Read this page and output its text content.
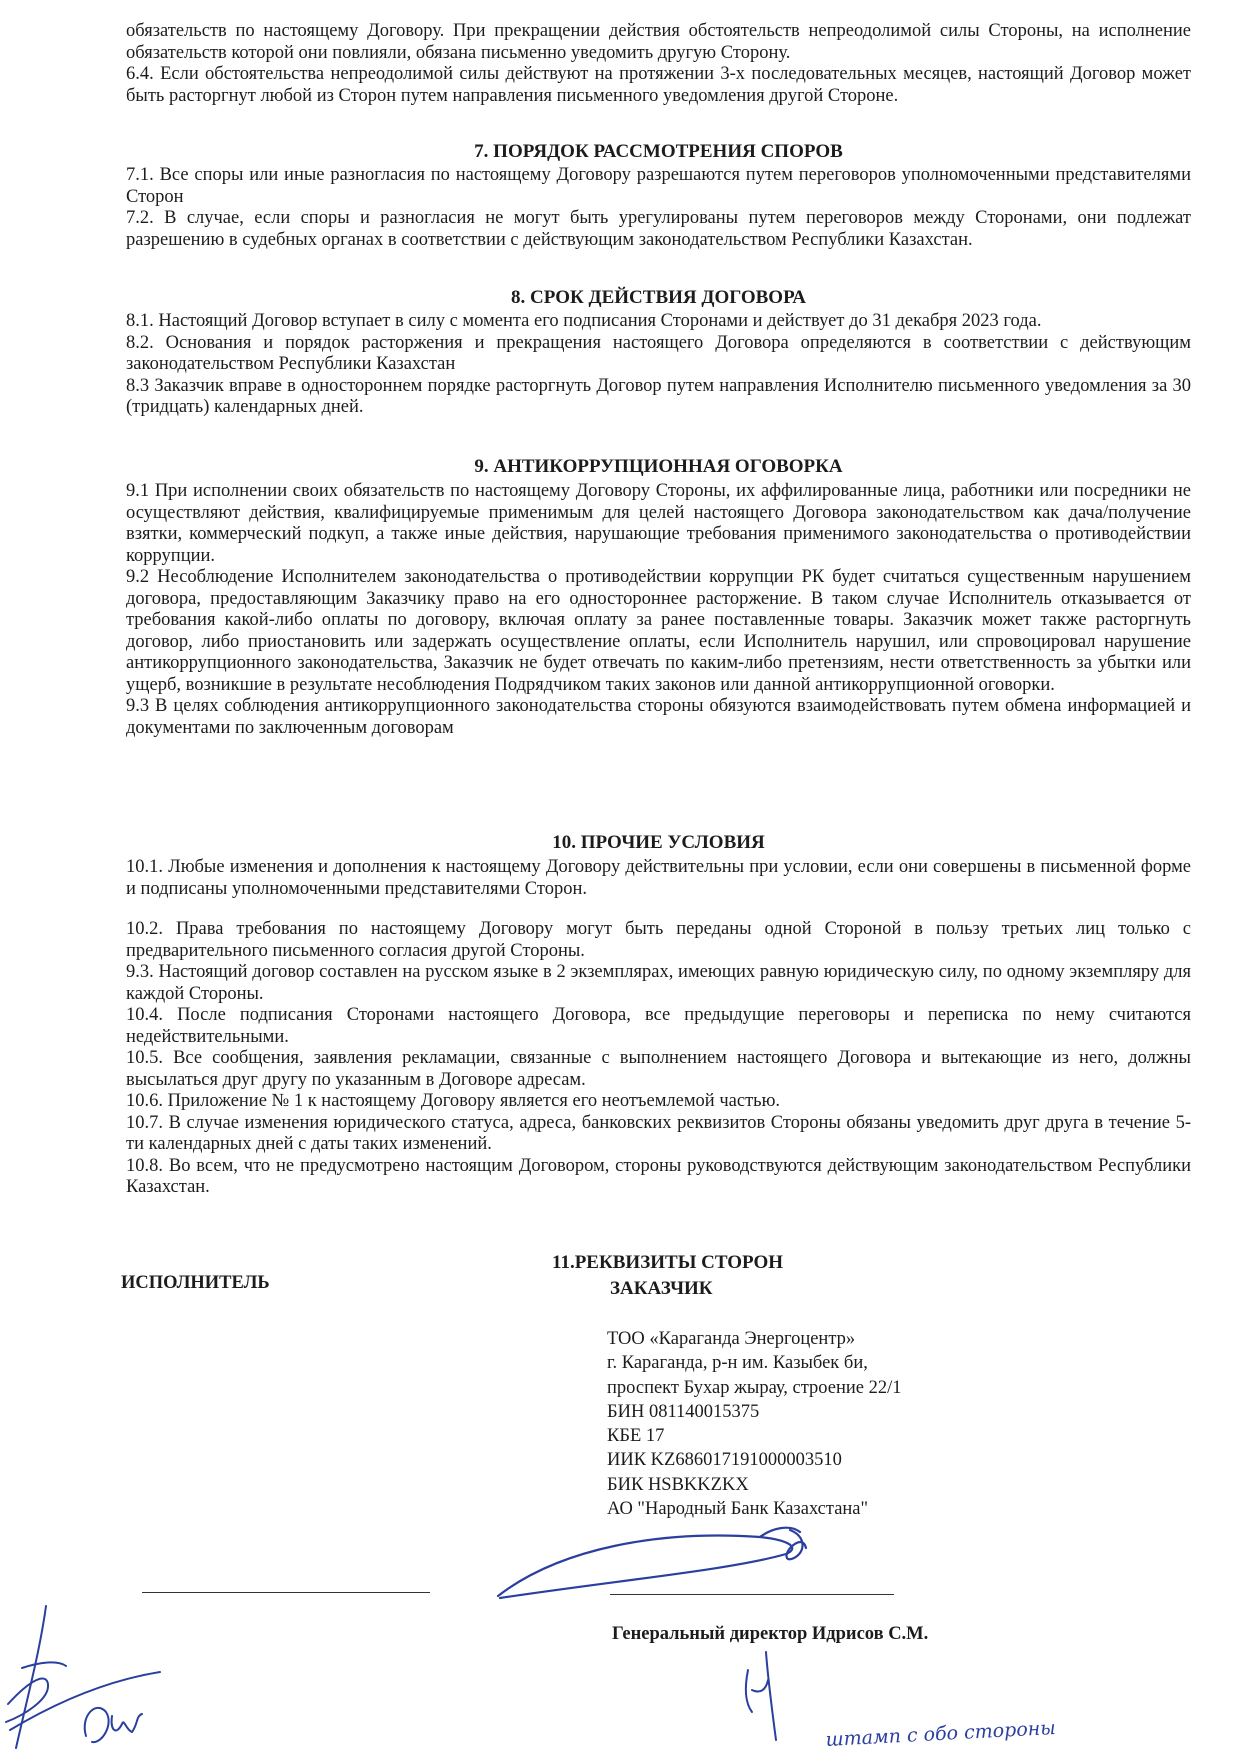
обязательств по настоящему Договору. При прекращении действия обстоятельств непреодолимой силы Стороны, на исполнение обязательств которой они повлияли, обязана письменно уведомить другую Сторону.

6.4. Если обстоятельства непреодолимой силы действуют на протяжении 3-х последовательных месяцев, настоящий Договор может быть расторгнут любой из Сторон путем направления письменного уведомления другой Стороне.

7. ПОРЯДОК РАССМОТРЕНИЯ СПОРОВ

7.1. Все споры или иные разногласия по настоящему Договору разрешаются путем переговоров уполномоченными представителями Сторон

7.2. В случае, если споры и разногласия не могут быть урегулированы путем переговоров между Сторонами, они подлежат разрешению в судебных органах в соответствии с действующим законодательством Республики Казахстан.

8. СРОК ДЕЙСТВИЯ ДОГОВОРА

8.1. Настоящий Договор вступает в силу с момента его подписания Сторонами и действует до 31 декабря 2023 года.

8.2. Основания и порядок расторжения и прекращения настоящего Договора определяются в соответствии с действующим законодательством Республики Казахстан

8.3 Заказчик вправе в одностороннем порядке расторгнуть Договор путем направления Исполнителю письменного уведомления за 30 (тридцать) календарных дней.

9. АНТИКОРРУПЦИОННАЯ ОГОВОРКА

9.1 При исполнении своих обязательств по настоящему Договору Стороны, их аффилированные лица, работники или посредники не осуществляют действия, квалифицируемые применимым для целей настоящего Договора законодательством как дача/получение взятки, коммерческий подкуп, а также иные действия, нарушающие требования применимого законодательства о противодействии коррупции.

9.2 Несоблюдение Исполнителем законодательства о противодействии коррупции РК будет считаться существенным нарушением договора, предоставляющим Заказчику право на его одностороннее расторжение. В таком случае Исполнитель отказывается от требования какой-либо оплаты по договору, включая оплату за ранее поставленные товары. Заказчик может также расторгнуть договор, либо приостановить или задержать осуществление оплаты, если Исполнитель нарушил, или спровоцировал нарушение антикоррупционного законодательства, Заказчик не будет отвечать по каким-либо претензиям, нести ответственность за убытки или ущерб, возникшие в результате несоблюдения Подрядчиком таких законов или данной антикоррупционной оговорки.

9.3 В целях соблюдения антикоррупционного законодательства стороны обязуются взаимодействовать путем обмена информацией и документами по заключенным договорам

10. ПРОЧИЕ УСЛОВИЯ

10.1. Любые изменения и дополнения к настоящему Договору действительны при условии, если они совершены в письменной форме и подписаны уполномоченными представителями Сторон.

10.2. Права требования по настоящему Договору могут быть переданы одной Стороной в пользу третьих лиц только с предварительного письменного согласия другой Стороны.

9.3. Настоящий договор составлен на русском языке в 2 экземплярах, имеющих равную юридическую силу, по одному экземпляру для каждой Стороны.

10.4. После подписания Сторонами настоящего Договора, все предыдущие переговоры и переписка по нему считаются недействительными.

10.5. Все сообщения, заявления рекламации, связанные с выполнением настоящего Договора и вытекающие из него, должны высылаться друг другу по указанным в Договоре адресам.

10.6. Приложение № 1 к настоящему Договору является его неотъемлемой частью.

10.7. В случае изменения юридического статуса, адреса, банковских реквизитов Стороны обязаны уведомить друг друга в течение 5-ти календарных дней с даты таких изменений.

10.8. Во всем, что не предусмотрено настоящим Договором, стороны руководствуются действующим законодательством Республики Казахстан.

11.РЕКВИЗИТЫ СТОРОН
ИСПОЛНИТЕЛЬ	ЗАКАЗЧИК
ТОО «Караганда Энергоцентр»
г. Караганда, р-н им. Казыбек би,
проспект Бухар жырау, строение 22/1
БИН 081140015375
КБЕ 17
ИИК KZ686017191000003510
БИК HSBKKZKX
АО "Народный Банк Казахстана"
Генеральный директор Идрисов С.М.
штамп с обо стороны
